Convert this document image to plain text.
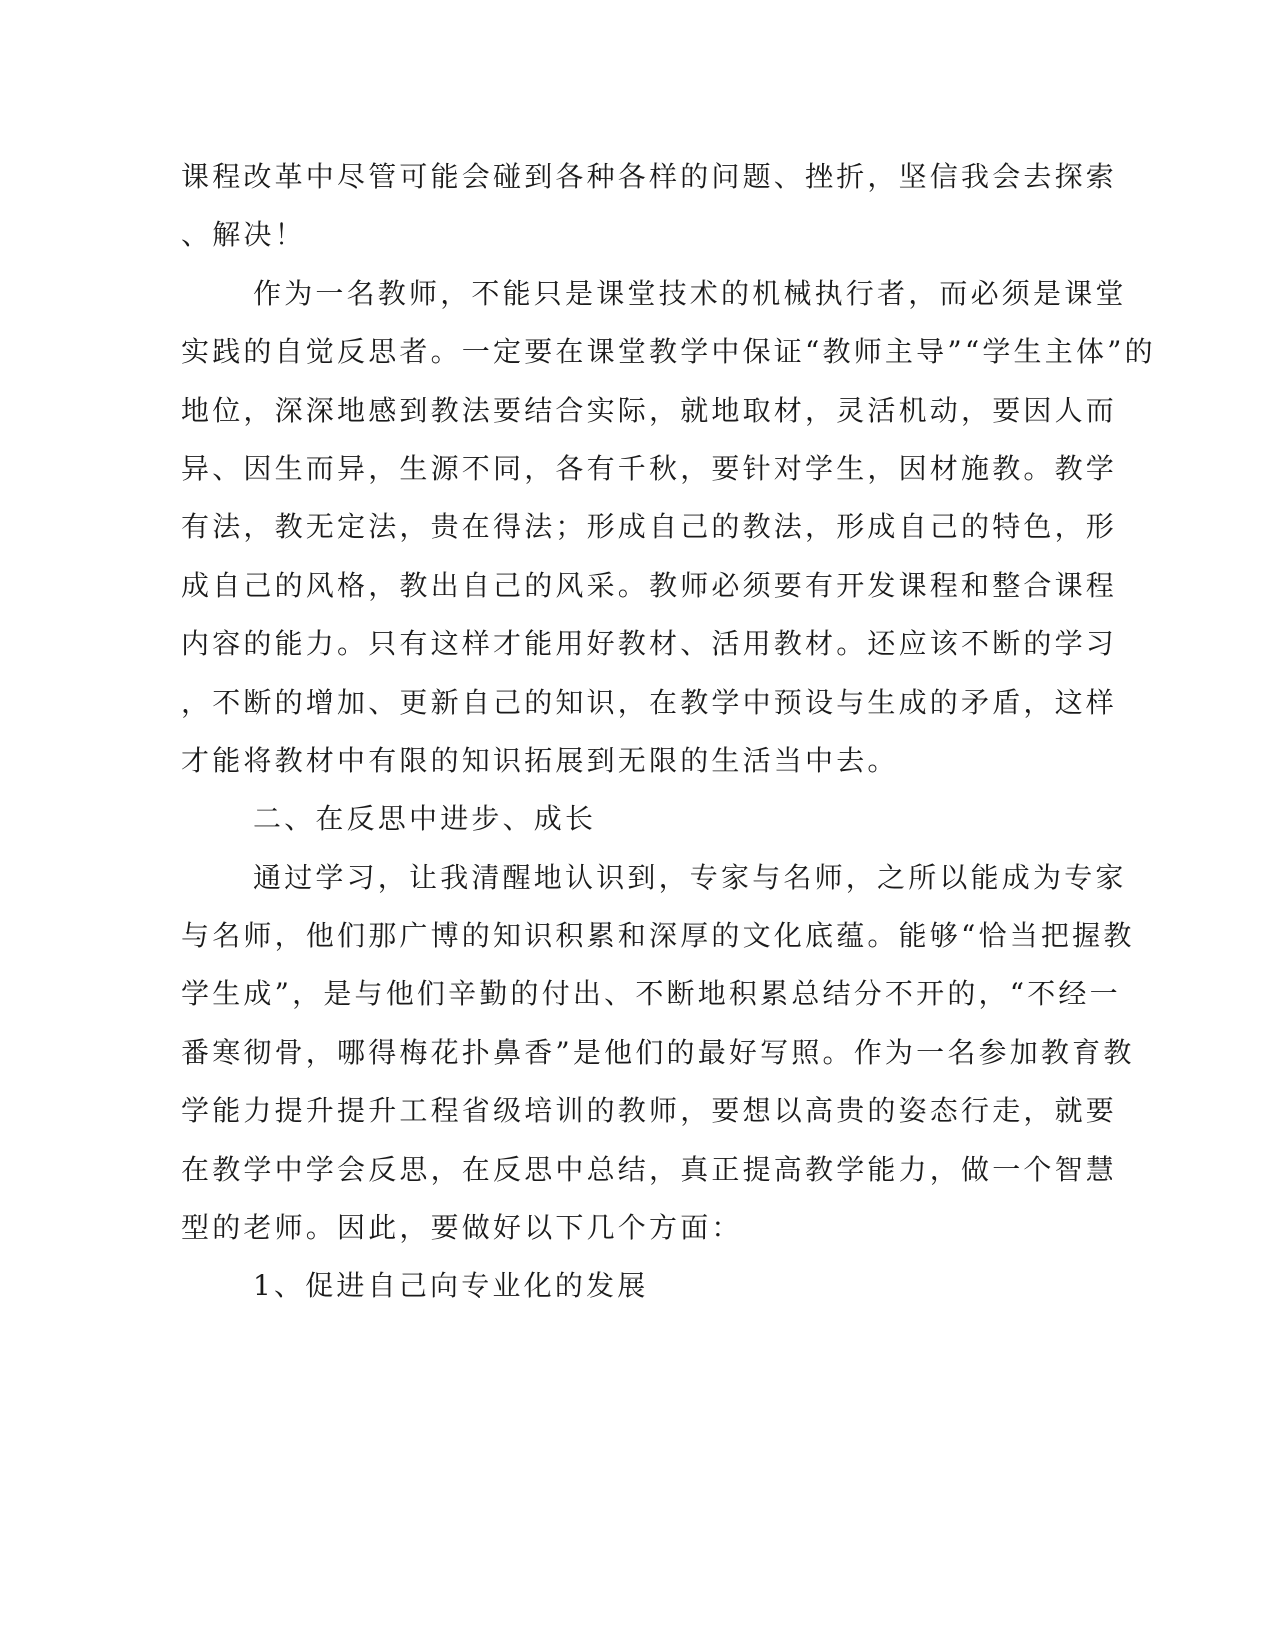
课程改革中尽管可能会碰到各种各样的问题、挫折，坚信我会去探索
、解决！
作为一名教师，不能只是课堂技术的机械执行者，而必须是课堂
实践的自觉反思者。一定要在课堂教学中保证“教师主导”“学生主体”的
地位，深深地感到教法要结合实际，就地取材，灵活机动，要因人而
异、因生而异，生源不同，各有千秋，要针对学生，因材施教。教学
有法，教无定法，贵在得法；形成自己的教法，形成自己的特色，形
成自己的风格，教出自己的风采。教师必须要有开发课程和整合课程
内容的能力。只有这样才能用好教材、活用教材。还应该不断的学习
，不断的增加、更新自己的知识，在教学中预设与生成的矛盾，这样
才能将教材中有限的知识拓展到无限的生活当中去。
二、在反思中进步、成长
通过学习，让我清醒地认识到，专家与名师，之所以能成为专家
与名师，他们那广博的知识积累和深厚的文化底蕴。能够“恰当把握教
学生成”，是与他们辛勤的付出、不断地积累总结分不开的，“不经一
番寒彻骨，哪得梅花扑鼻香”是他们的最好写照。作为一名参加教育教
学能力提升提升工程省级培训的教师，要想以高贵的姿态行走，就要
在教学中学会反思，在反思中总结，真正提高教学能力，做一个智慧
型的老师。因此，要做好以下几个方面：
1、促进自己向专业化的发展
